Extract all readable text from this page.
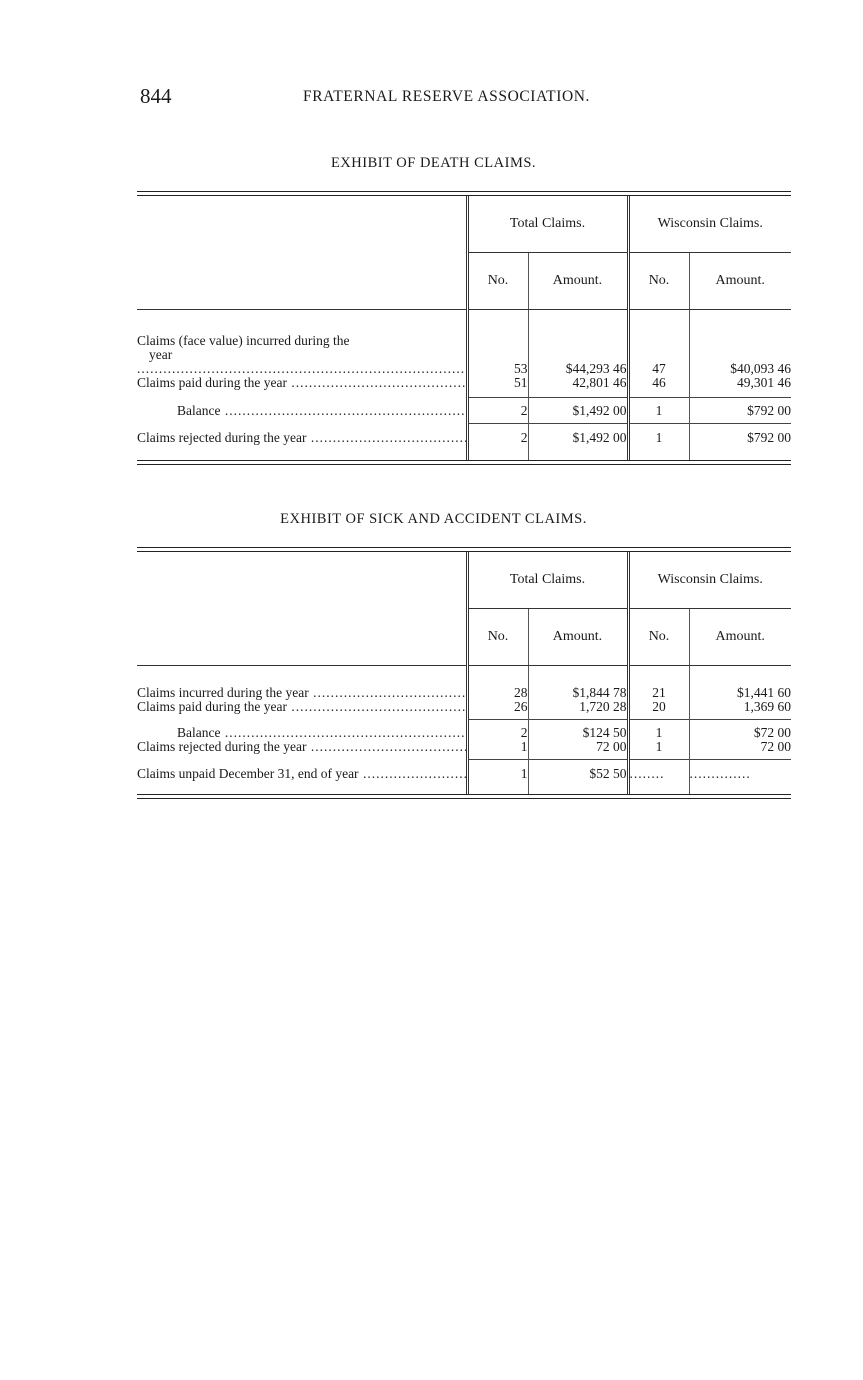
844	FRATERNAL RESERVE ASSOCIATION.
EXHIBIT OF DEATH CLAIMS.
	Total Claims.		Wisconsin Claims.	
	No.	Amount.	No.	Amount.

Claims (face value) incurred during the
year .....	53	$44,293 46	47	$40,093 46
Claims paid during the year .....	51	42,801 46	46	49,301 46

Balance .....	2	$1,492 00	1	$792 00
Claims rejected during the year .....	2	$1,492 00	1	$792 00

EXHIBIT OF SICK AND ACCIDENT CLAIMS.
	Total Claims.		Wisconsin Claims.	
	No.	Amount.	No.	Amount.

Claims incurred during the year .....	28	$1,844 78	21	$1,441 60
Claims paid during the year .....	26	1,720 28	20	1,369 60

Balance .....	2	$124 50	1	$72 00
Claims rejected during the year .....	1	72 00	1	72 00

Claims unpaid December 31, end of year .....	1	$52 50	........	..............
